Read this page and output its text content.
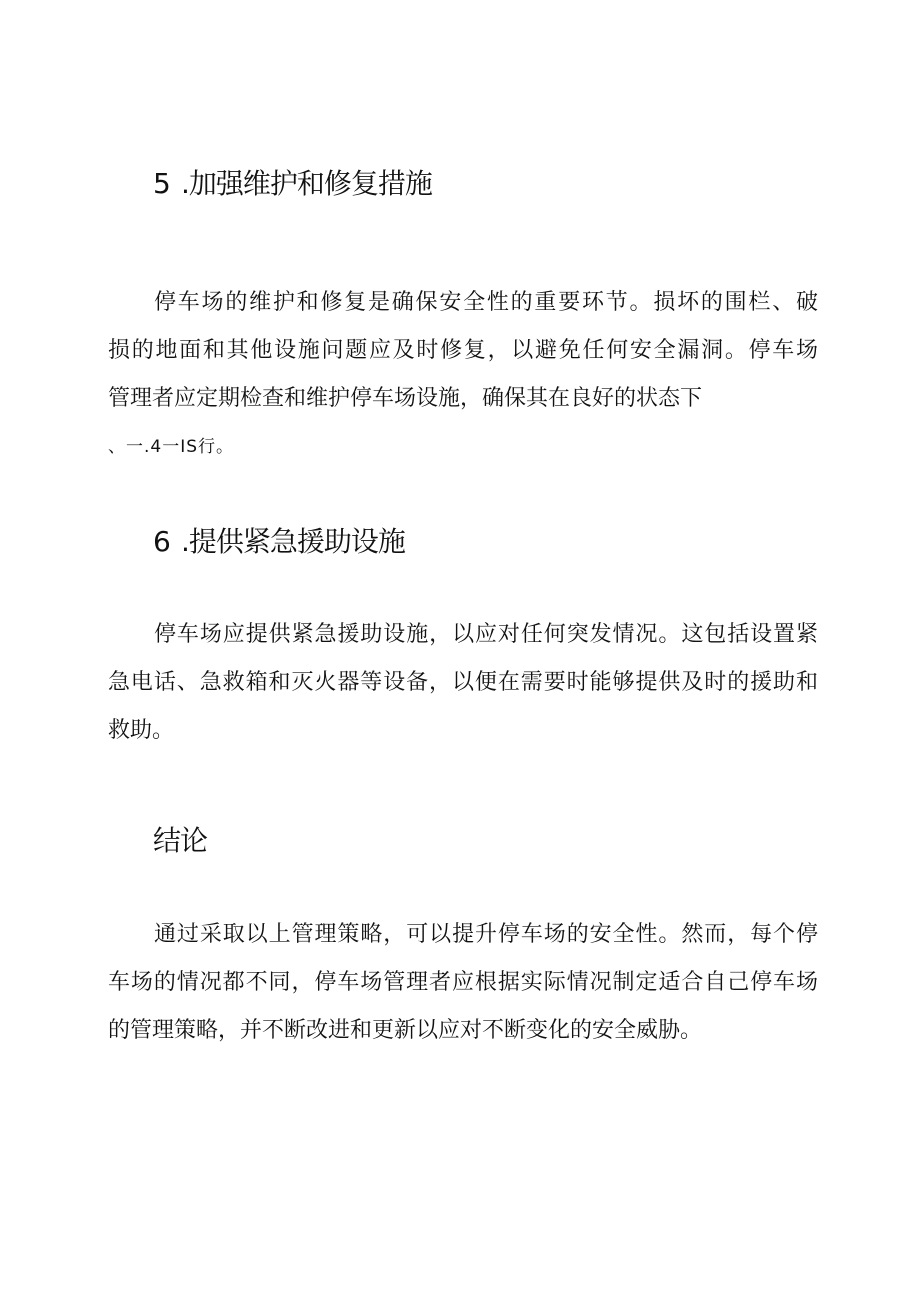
5 .加强维护和修复措施
停车场的维护和修复是确保安全性的重要环节。损坏的围栏、破
损的地面和其他设施问题应及时修复，以避免任何安全漏洞。停车场
管理者应定期检查和维护停车场设施，确保其在良好的状态下
、一.4一IS行。
6 .提供紧急援助设施
停车场应提供紧急援助设施，以应对任何突发情况。这包括设置紧
急电话、急救箱和灭火器等设备，以便在需要时能够提供及时的援助和
救助。
结论
通过采取以上管理策略，可以提升停车场的安全性。然而，每个停
车场的情况都不同，停车场管理者应根据实际情况制定适合自己停车场
的管理策略，并不断改进和更新以应对不断变化的安全威胁。
